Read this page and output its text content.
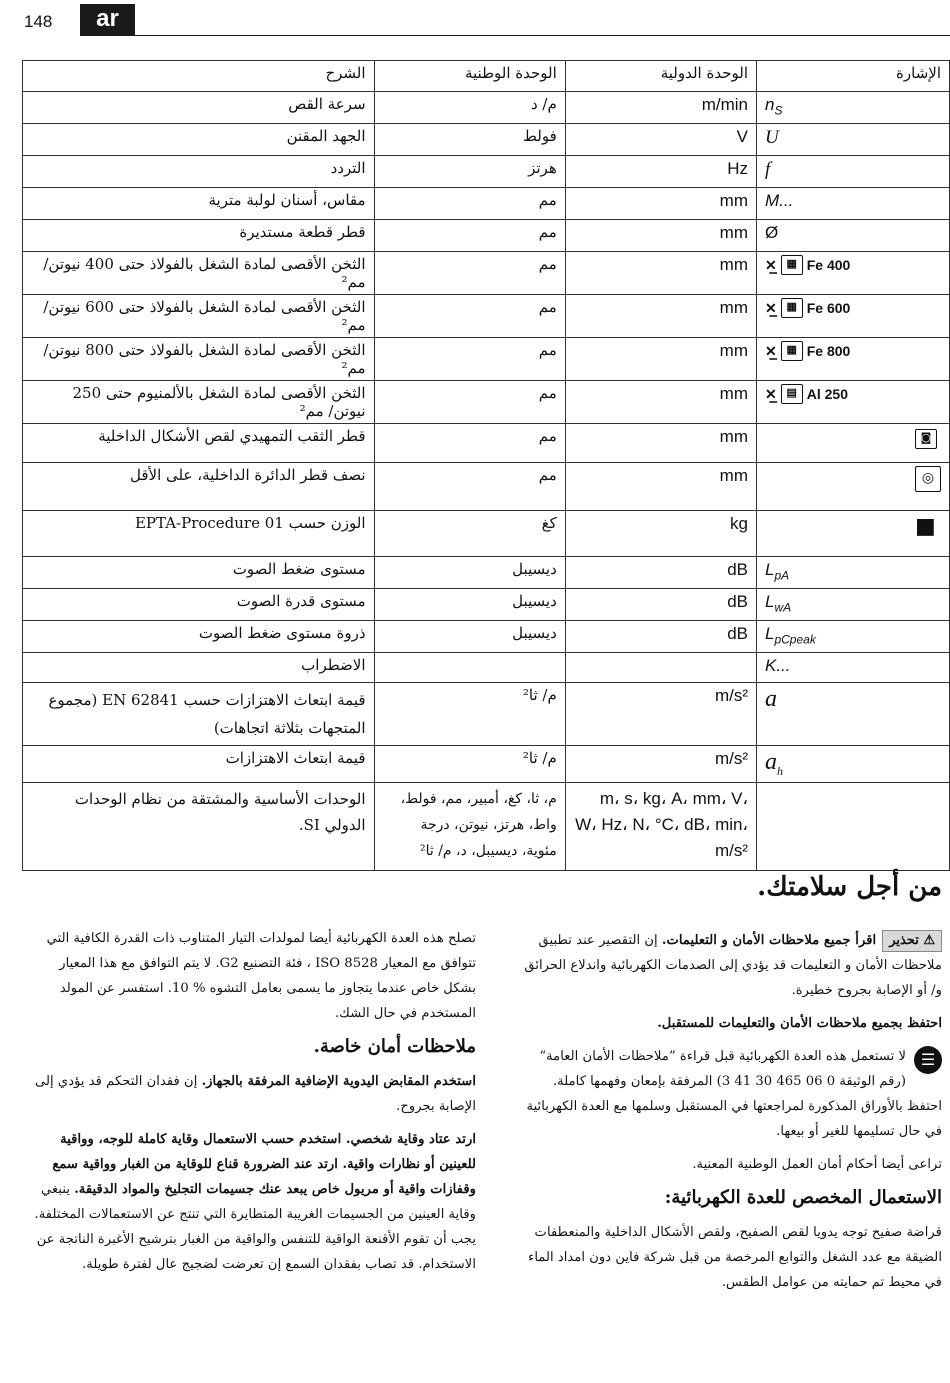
148	ar
الشرح	الوحدة الوطنية	الوحدة الدولية	الإشارة
سرعة القص	م/ د	m/min	$n_S$
الجهد المقنن	فولط	V	U
التردد	هرتز	Hz	f
مقاس، أسنان لولبة مترية	مم	mm	M...
قطر قطعة مستديرة	مم	mm	Ø
الثخن الأقصى لمادة الشغل بالفولاذ حتى 400 نيوتن/ مم²	مم	mm	✕̲ ▦ Fe 400

الثخن الأقصى لمادة الشغل بالفولاذ حتى 600 نيوتن/ مم²	مم	mm	✕̲ ▦ Fe 600

الثخن الأقصى لمادة الشغل بالفولاذ حتى 800 نيوتن/ مم²	مم	mm	✕̲ ▦ Fe 800

الثخن الأقصى لمادة الشغل بالألمنيوم حتى 250 نيوتن/ مم²	مم	mm	✕̲ ▤ Al 250

قطر الثقب التمهيدي لقص الأشكال الداخلية	مم	mm	◙
نصف قطر الدائرة الداخلية، على الأقل	مم	mm	◎
الوزن حسب EPTA-Procedure 01	كغ	kg	■
مستوى ضغط الصوت	ديسيبل	dB	$L_{pA}$
مستوى قدرة الصوت	ديسيبل	dB	$L_{wA}$
ذروة مستوى ضغط الصوت	ديسيبل	dB	$L_{pCpeak}$
الاضطراب			K...
قيمة ابتعاث الاهتزازات حسب EN 62841 (مجموع المتجهات بثلاثة اتجاهات)	م/ ثا²	m/s²	a
قيمة ابتعاث الاهتزازات	م/ ثا²	m/s²	$a_h$
الوحدات الأساسية والمشتقة من نظام الوحدات الدولي SI.	م، ثا، كغ، أمبير، مم، فولط، واط، هرتز، نيوتن، درجة مئوية، ديسيبل، د، م/ ثا²	m، s، kg، A، mm، V، W، Hz، N، °C، dB، min، m/s²	
من أجل سلامتك.

⚠ تحذيراقرأ جميع ملاحظات الأمان و التعليمات. إن التقصير عند تطبيق ملاحظات الأمان و التعليمات قد يؤدي إلى الصدمات الكهربائية واندلاع الحرائق و/ أو الإصابة بجروح خطيرة.

احتفظ بجميع ملاحظات الأمان والتعليمات للمستقبل.

☰
لا تستعمل هذه العدة الكهربائية قبل قراءة ”ملاحظات الأمان العامة“ (رقم الوثيقة 0 06 465 30 41 3) المرفقة بإمعان وفهمها كاملة. احتفظ بالأوراق المذكورة لمراجعتها في المستقبل وسلمها مع العدة الكهربائية في حال تسليمها للغير أو بيعها.

تراعى أيضا أحكام أمان العمل الوطنية المعنية.

الاستعمال المخصص للعدة الكهربائية:

قراضة صفيح توجه يدويا لقص الصفيح، ولقص الأشكال الداخلية والمنعطفات الضيقة مع عدد الشغل والتوابع المرخصة من قبل شركة فاين دون امداد الماء في محيط تم حمايته من عوامل الطقس.

تصلح هذه العدة الكهربائية أيضا لمولدات التيار المتناوب ذات القدرة الكافية التي تتوافق مع المعيار ISO 8528 ، فئة التصنيع G2. لا يتم التوافق مع هذا المعيار بشكل خاص عندما يتجاوز ما يسمى بعامل التشوه % 10. استفسر عن المولد المستخدم في حال الشك.

ملاحظات أمان خاصة.

استخدم المقابض اليدوية الإضافية المرفقة بالجهاز. إن فقدان التحكم قد يؤدي إلى الإصابة بجروح.

ارتد عتاد وقاية شخصي. استخدم حسب الاستعمال وقاية كاملة للوجه، وواقية للعينين أو نظارات واقية. ارتد عند الضرورة قناع للوقاية من الغبار وواقية سمع وقفازات واقية أو مريول خاص يبعد عنك جسيمات التجليخ والمواد الدقيقة. ينبغي وقاية العينين من الجسيمات الغريبة المتطايرة التي تنتج عن الاستعمالات المختلفة. يجب أن تقوم الأقنعة الواقية للتنفس والواقية من الغبار بترشيح الأغبرة الناتجة عن الاستخدام. قد تصاب بفقدان السمع إن تعرضت لضجيج عال لفترة طويلة.
